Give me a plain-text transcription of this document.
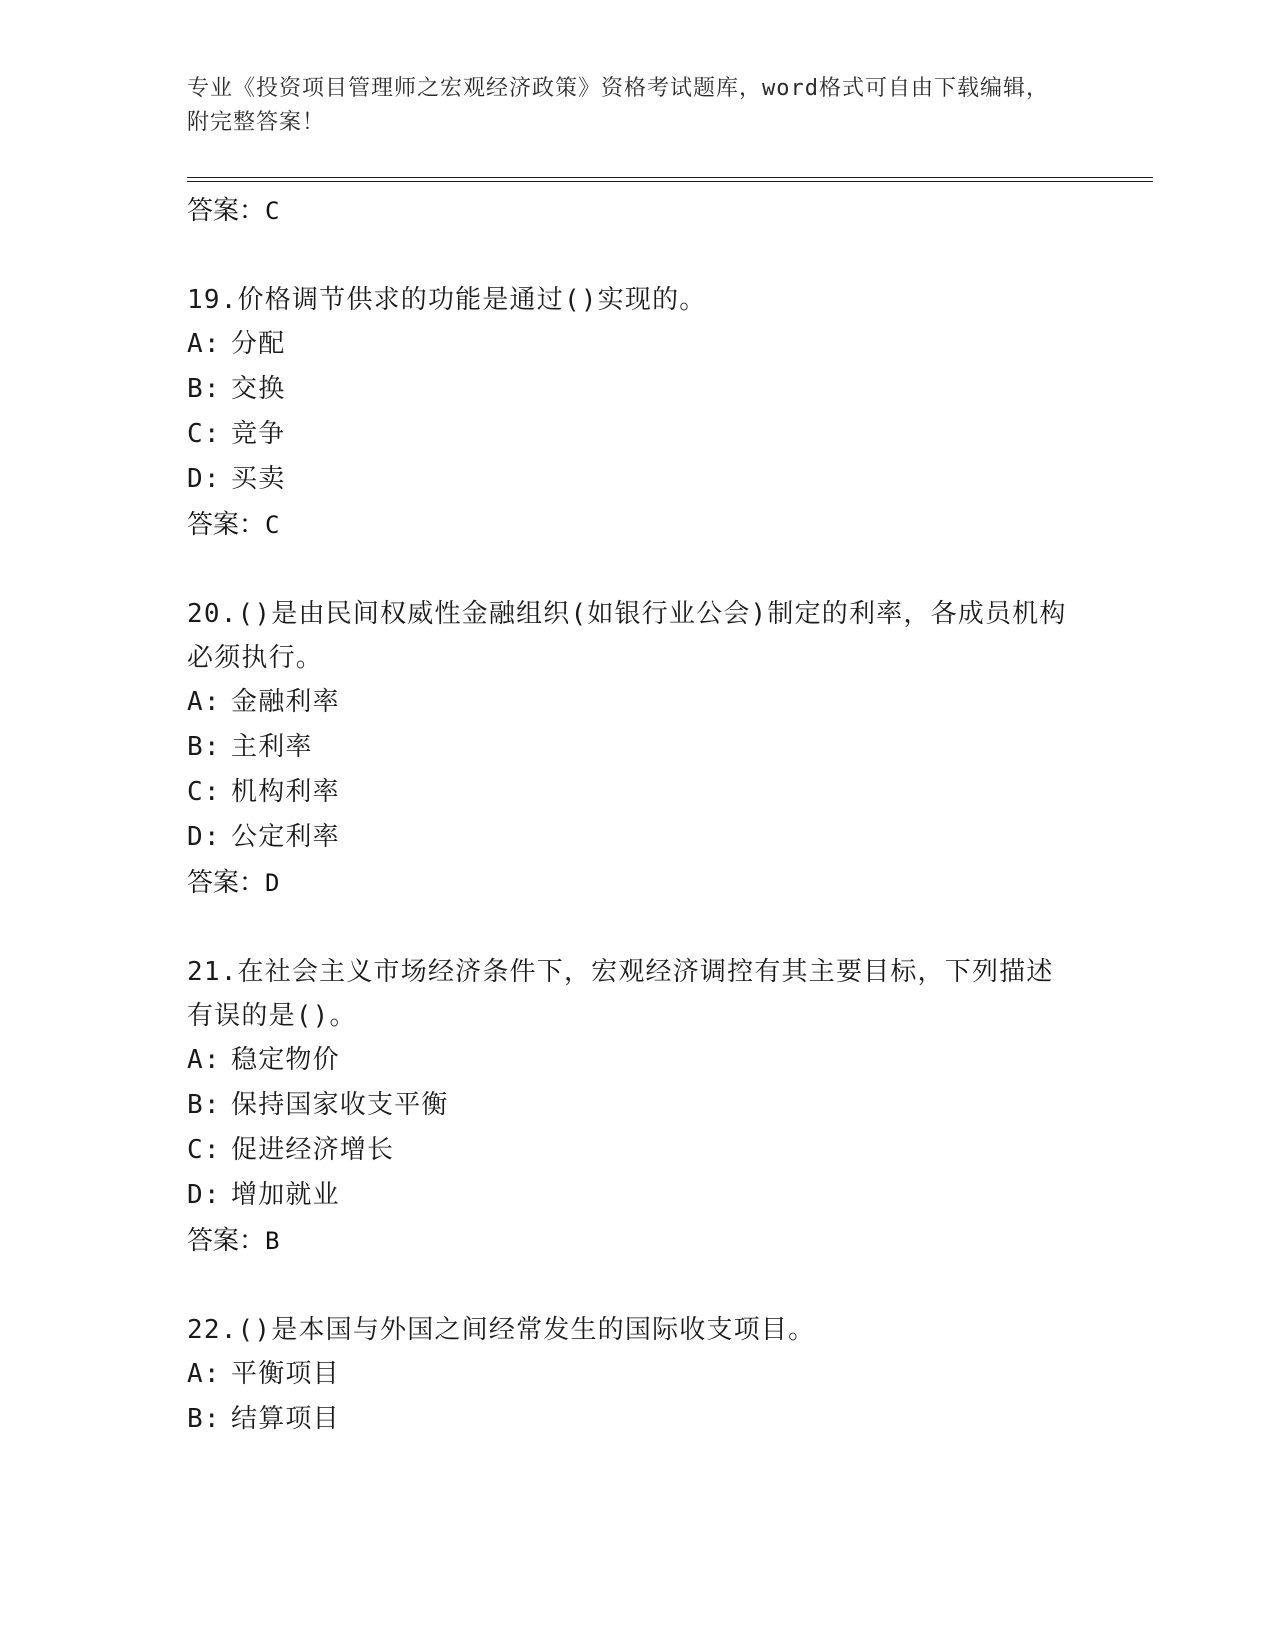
专业《投资项目管理师之宏观经济政策》资格考试题库，word格式可自由下载编辑，附完整答案！
答案：C
19.价格调节供求的功能是通过()实现的。
A: 分配
B: 交换
C: 竞争
D: 买卖
答案：C
20.()是由民间权威性金融组织(如银行业公会)制定的利率，各成员机构必须执行。
A: 金融利率
B: 主利率
C: 机构利率
D: 公定利率
答案：D
21.在社会主义市场经济条件下，宏观经济调控有其主要目标，下列描述有误的是()。
A: 稳定物价
B: 保持国家收支平衡
C: 促进经济增长
D: 增加就业
答案：B
22.()是本国与外国之间经常发生的国际收支项目。
A: 平衡项目
B: 结算项目
